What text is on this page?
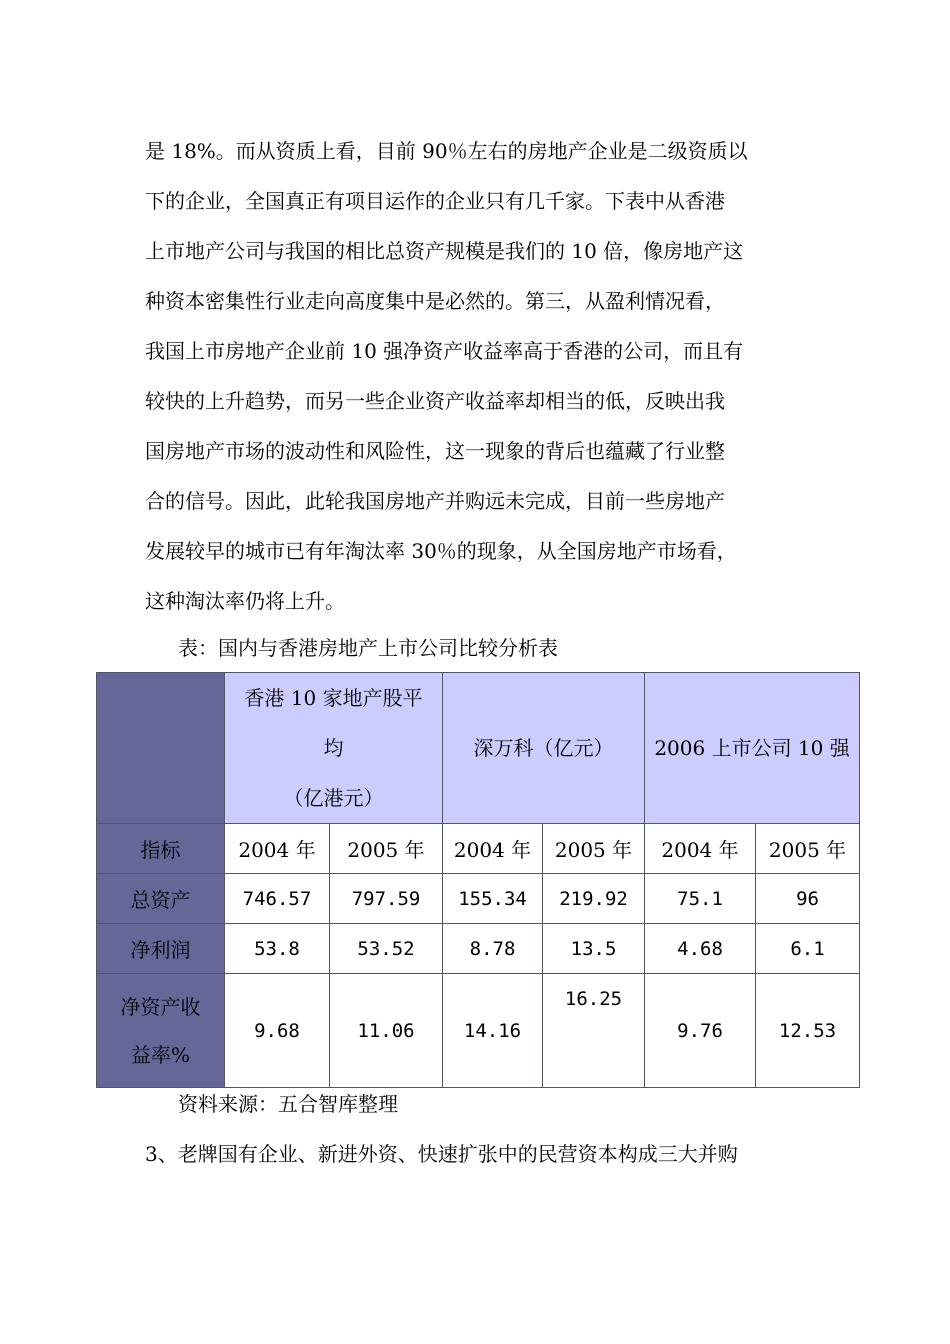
是 18%。而从资质上看，目前 90％左右的房地产企业是二级资质以
下的企业，全国真正有项目运作的企业只有几千家。下表中从香港
上市地产公司与我国的相比总资产规模是我们的 10 倍，像房地产这
种资本密集性行业走向高度集中是必然的。第三，从盈利情况看，
我国上市房地产企业前 10 强净资产收益率高于香港的公司，而且有
较快的上升趋势，而另一些企业资产收益率却相当的低，反映出我
国房地产市场的波动性和风险性，这一现象的背后也蕴藏了行业整
合的信号。因此，此轮我国房地产并购远未完成，目前一些房地产
发展较早的城市已有年淘汰率 30％的现象，从全国房地产市场看，
这种淘汰率仍将上升。

表：国内与香港房地产上市公司比较分析表

	香港 10 家地产股平
均
（亿港元）		深万科（亿元）		2006 上市公司 10 强	

指标	2004 年	2005 年	2004 年	2005 年	2004 年	2005 年
总资产	746.57	797.59	155.34	219.92	75.1	96
净利润	53.8	53.52	8.78	13.5	4.68	6.1

净资产收
益率%	9.68	11.06	14.16	16.25	9.76	12.53

资料来源：五合智库整理

3、老牌国有企业、新进外资、快速扩张中的民营资本构成三大并购
